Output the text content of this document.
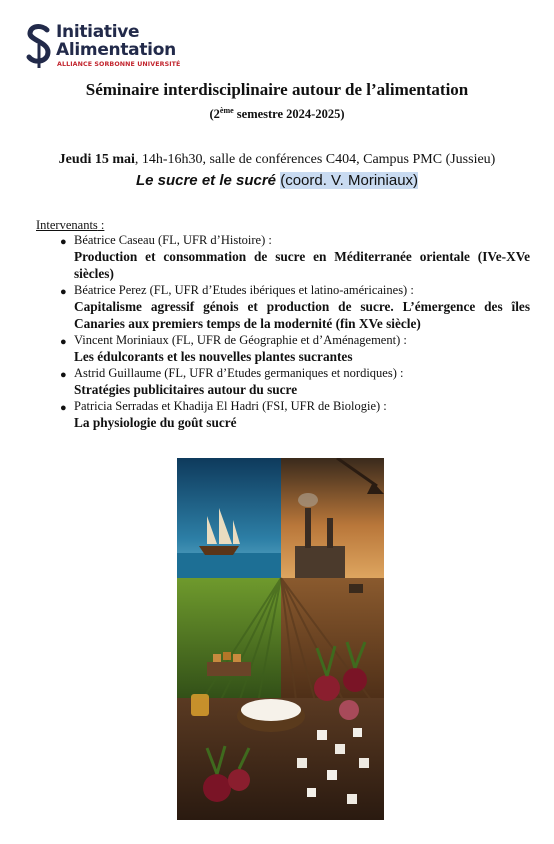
Initiative
Alimentation
ALLIANCE SORBONNE UNIVERSITÉ
Séminaire interdisciplinaire autour de l’alimentation
(2ème semestre 2024-2025)
Jeudi 15 mai, 14h-16h30, salle de conférences C404, Campus PMC (Jussieu)
Le sucre et le sucré (coord. V. Moriniaux)
Intervenants :
● Béatrice Caseau (FL, UFR d’Histoire) :
Production et consommation de sucre en Méditerranée orientale (IVe-XVe siècles)
● Béatrice Perez (FL, UFR d’Etudes ibériques et latino-américaines) :
Capitalisme agressif génois et production de sucre. L’émergence des îles Canaries aux premiers temps de la modernité (fin XVe siècle)
● Vincent Moriniaux (FL, UFR de Géographie et d’Aménagement) :
Les édulcorants et les nouvelles plantes sucrantes
● Astrid Guillaume (FL, UFR d’Etudes germaniques et nordiques) :
Stratégies publicitaires autour du sucre
● Patricia Serradas et Khadija El Hadri (FSI, UFR de Biologie) :
La physiologie du goût sucré
